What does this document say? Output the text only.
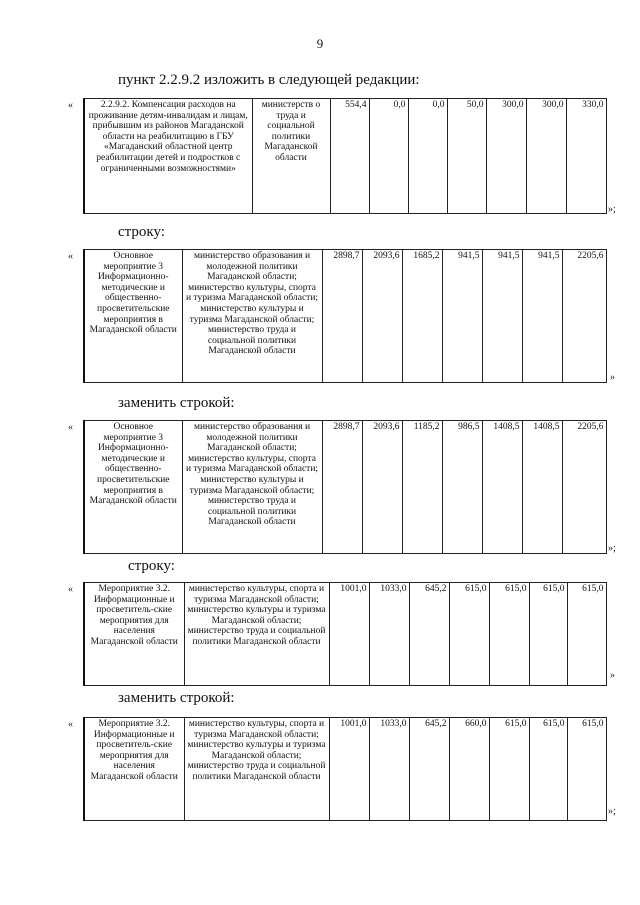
9
пункт 2.2.9.2 изложить в следующей редакции:
«	2.2.9.2. Компенсация расходов на проживание детям-инвалидам и лицам, прибывшим из районов Магаданской области на реабилитацию в ГБУ «Магаданский областной центр реабилитации детей и подростков с ограниченными возможностями»	министерств о труда и социальной политики Магаданской области	554,4	0,0	0,0	50,0	300,0	300,0	330,0
»;
строку:
«	Основное мероприятие 3 Информационно-методические и общественно-просветительские мероприятия в Магаданской области	министерство образования и молодежной политики Магаданской области; министерство культуры, спорта и туризма Магаданской области; министерство культуры и туризма Магаданской области; министерство труда и социальной политики Магаданской области	2898,7	2093,6	1685,2	941,5	941,5	941,5	2205,6
»
заменить строкой:
«	Основное мероприятие 3 Информационно-методические и общественно-просветительские мероприятия в Магаданской области	министерство образования и молодежной политики Магаданской области; министерство культуры, спорта и туризма Магаданской области; министерство культуры и туризма Магаданской области; министерство труда и социальной политики Магаданской области	2898,7	2093,6	1185,2	986,5	1408,5	1408,5	2205,6
»;
строку:
«	Мероприятие 3.2. Информационные и просветитель-ские мероприятия для населения Магаданской области	министерство культуры, спорта и туризма Магаданской области; министерство культуры и туризма Магаданской области; министерство труда и социальной политики Магаданской области	1001,0	1033,0	645,2	615,0	615,0	615,0	615,0
»
заменить строкой:
«	Мероприятие 3.2. Информационные и просветитель-ские мероприятия для населения Магаданской области	министерство культуры, спорта и туризма Магаданской области; министерство культуры и туризма Магаданской области; министерство труда и социальной политики Магаданской области	1001,0	1033,0	645,2	660,0	615,0	615,0	615,0
»;
